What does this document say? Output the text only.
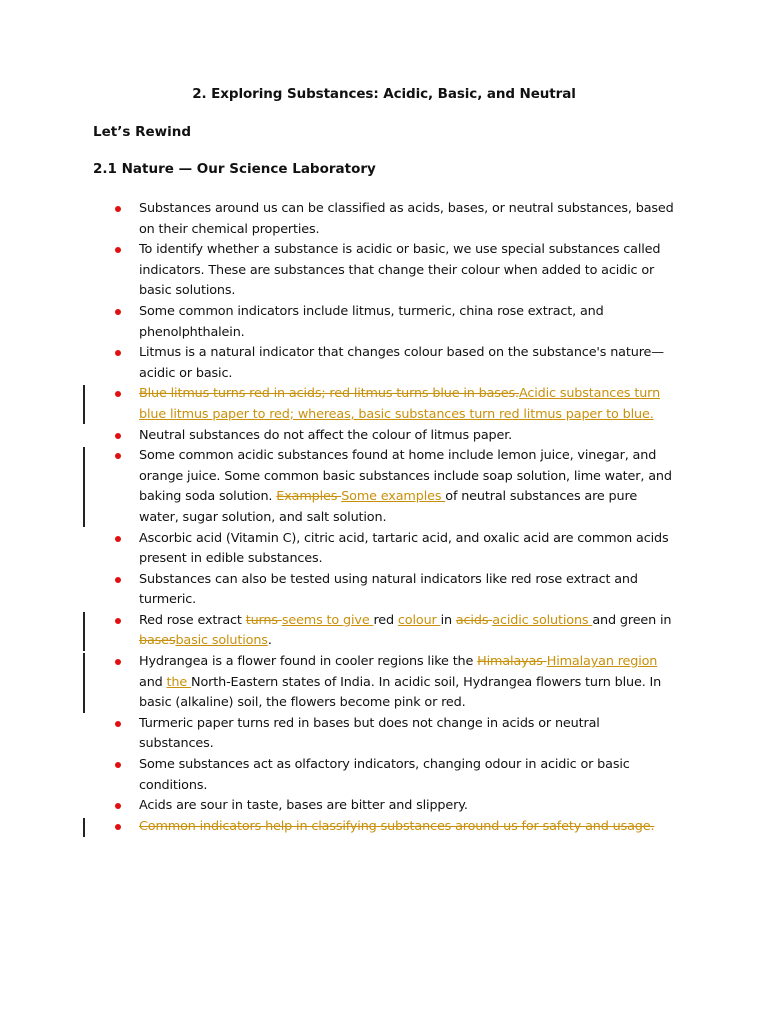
2. Exploring Substances: Acidic, Basic, and Neutral
Let’s Rewind
2.1 Nature — Our Science Laboratory
Substances around us can be classified as acids, bases, or neutral substances, based on their chemical properties.
To identify whether a substance is acidic or basic, we use special substances called indicators. These are substances that change their colour when added to acidic or basic solutions.
Some common indicators include litmus, turmeric, china rose extract, and phenolphthalein.
Litmus is a natural indicator that changes colour based on the substance's nature—acidic or basic.
Blue litmus turns red in acids; red litmus turns blue in bases.Acidic substances turn blue litmus paper to red; whereas, basic substances turn red litmus paper to blue.
Neutral substances do not affect the colour of litmus paper.
Some common acidic substances found at home include lemon juice, vinegar, and orange juice. Some common basic substances include soap solution, lime water, and baking soda solution. Examples Some examples of neutral substances are pure water, sugar solution, and salt solution.
Ascorbic acid (Vitamin C), citric acid, tartaric acid, and oxalic acid are common acids present in edible substances.
Substances can also be tested using natural indicators like red rose extract and turmeric.
Red rose extract turns seems to give red colour in acids acidic solutions and green in basesbasic solutions.
Hydrangea is a flower found in cooler regions like the Himalayas Himalayan region and the North-Eastern states of India. In acidic soil, Hydrangea flowers turn blue. In basic (alkaline) soil, the flowers become pink or red.
Turmeric paper turns red in bases but does not change in acids or neutral substances.
Some substances act as olfactory indicators, changing odour in acidic or basic conditions.
Acids are sour in taste, bases are bitter and slippery.
Common indicators help in classifying substances around us for safety and usage.
